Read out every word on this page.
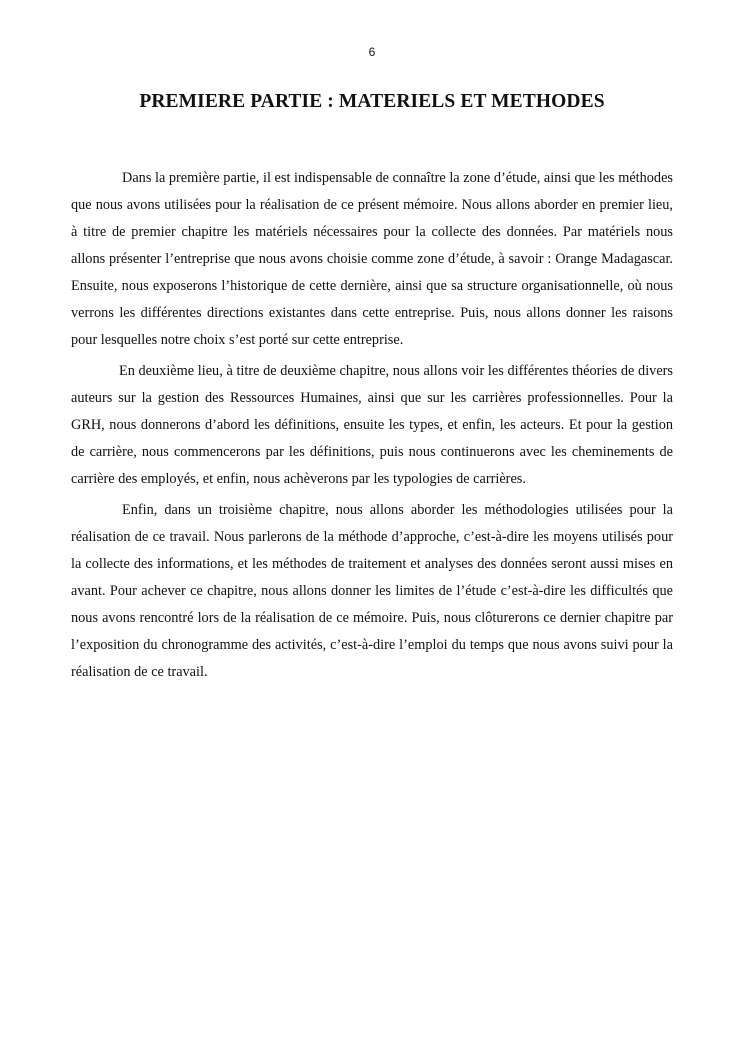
6
PREMIERE PARTIE : MATERIELS ET METHODES

Dans la première partie, il est indispensable de connaître la zone d’étude, ainsi que les méthodes que nous avons utilisées pour la réalisation de ce présent mémoire. Nous allons aborder en premier lieu, à titre de premier chapitre les matériels nécessaires pour la collecte des données. Par matériels nous allons présenter l’entreprise que nous avons choisie comme zone d’étude, à savoir : Orange Madagascar. Ensuite, nous exposerons l’historique de cette dernière, ainsi que sa structure organisationnelle, où nous verrons les différentes directions existantes dans cette entreprise. Puis, nous allons donner les raisons pour lesquelles notre choix s’est porté sur cette entreprise.

En deuxième lieu, à titre de deuxième chapitre, nous allons voir les différentes théories de divers auteurs sur la gestion des Ressources Humaines, ainsi que sur les carrières professionnelles. Pour la GRH, nous donnerons d’abord les définitions, ensuite les types, et enfin, les acteurs. Et pour la gestion de carrière, nous commencerons par les définitions, puis nous continuerons avec les cheminements de carrière des employés, et enfin, nous achèverons par les typologies de carrières.

Enfin, dans un troisième chapitre, nous allons aborder les méthodologies utilisées pour la réalisation de ce travail. Nous parlerons de la méthode d’approche, c’est-à-dire les moyens utilisés pour la collecte des informations, et les méthodes de traitement et analyses des données seront aussi mises en avant. Pour achever ce chapitre, nous allons donner les limites de l’étude c’est-à-dire les difficultés que nous avons rencontré lors de la réalisation de ce mémoire. Puis, nous clôturerons ce dernier chapitre par l’exposition du chronogramme des activités, c’est-à-dire l’emploi du temps que nous avons suivi pour la réalisation de ce travail.
